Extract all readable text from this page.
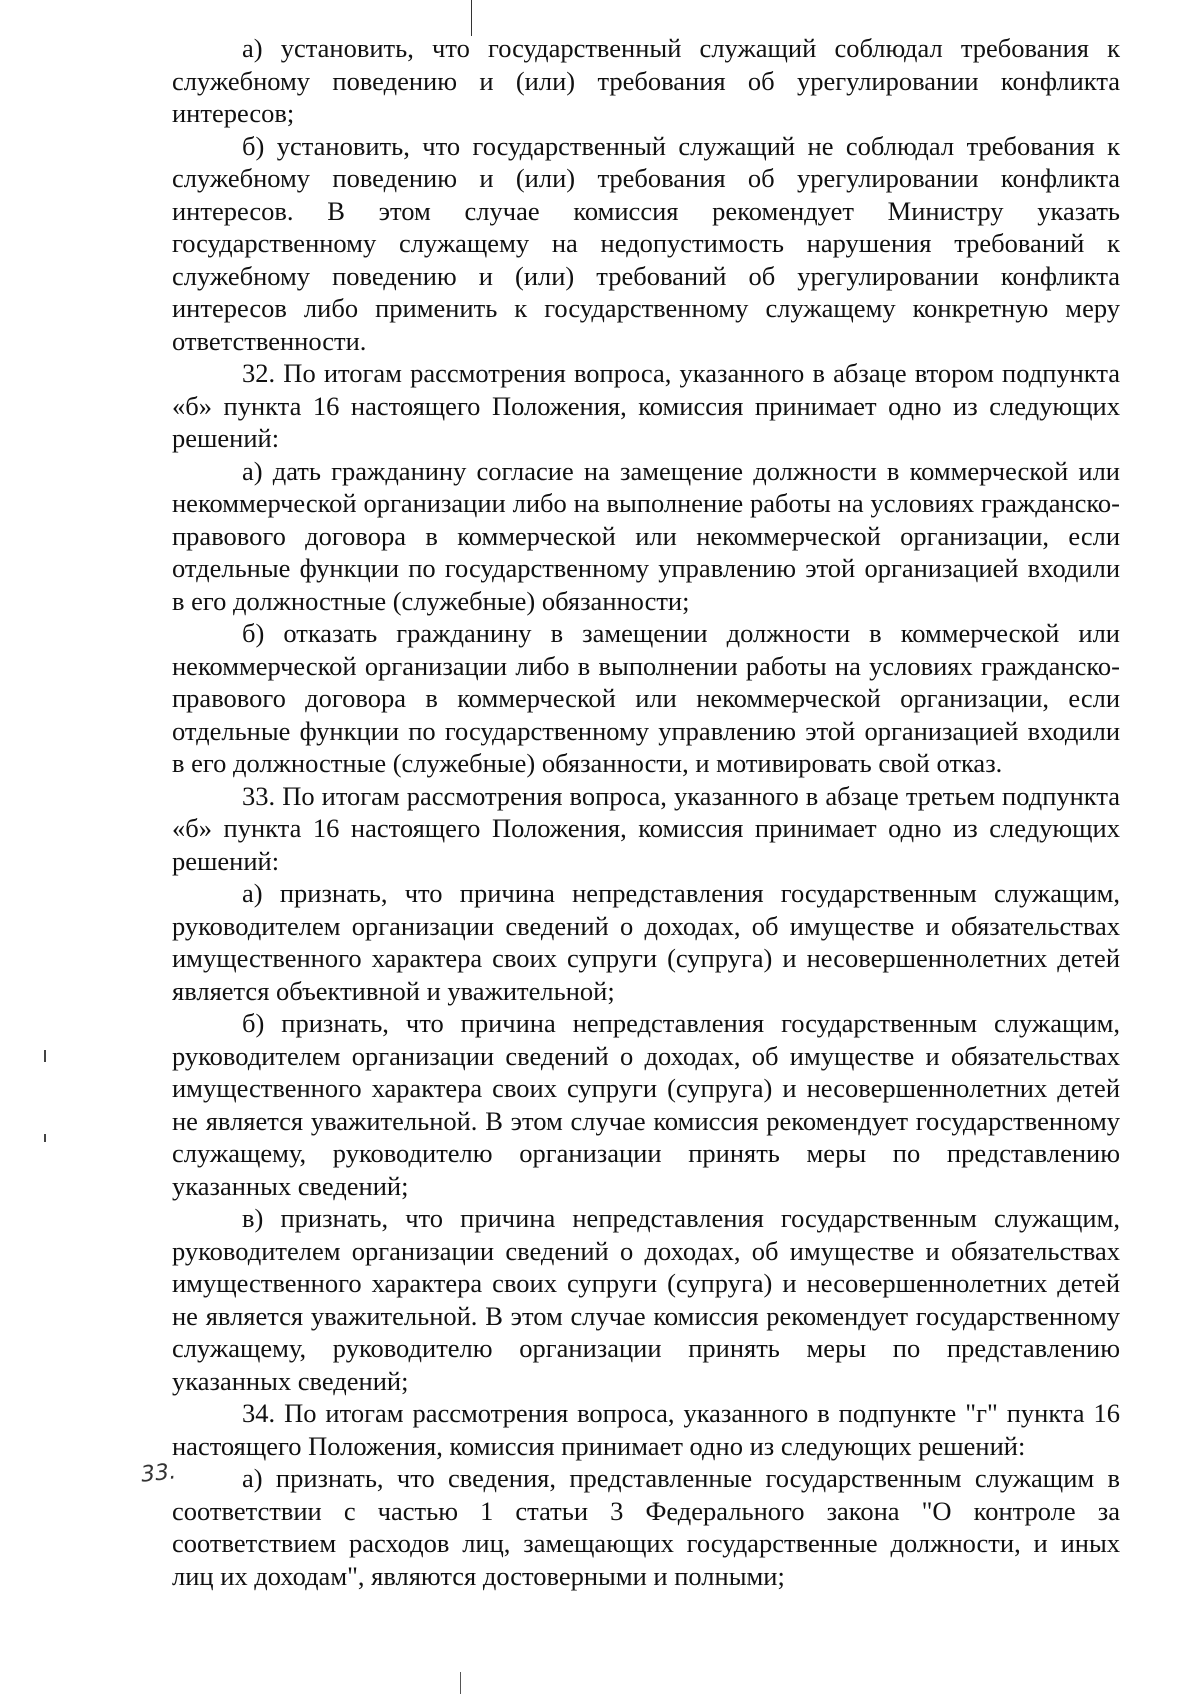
а) установить, что государственный служащий соблюдал требования к служебному поведению и (или) требования об урегулировании конфликта интересов;

б) установить, что государственный служащий не соблюдал требования к служебному поведению и (или) требования об урегулировании конфликта интересов. В этом случае комиссия рекомендует Министру указать государственному служащему на недопустимость нарушения требований к служебному поведению и (или) требований об урегулировании конфликта интересов либо применить к государственному служащему конкретную меру ответственности.

32. По итогам рассмотрения вопроса, указанного в абзаце втором подпункта «б» пункта 16 настоящего Положения, комиссия принимает одно из следующих решений:

а) дать гражданину согласие на замещение должности в коммерческой или некоммерческой организации либо на выполнение работы на условиях гражданско-правового договора в коммерческой или некоммерческой организации, если отдельные функции по государственному управлению этой организацией входили в его должностные (служебные) обязанности;

б) отказать гражданину в замещении должности в коммерческой или некоммерческой организации либо в выполнении работы на условиях гражданско-правового договора в коммерческой или некоммерческой организации, если отдельные функции по государственному управлению этой организацией входили в его должностные (служебные) обязанности, и мотивировать свой отказ.

33. По итогам рассмотрения вопроса, указанного в абзаце третьем подпункта «б» пункта 16 настоящего Положения, комиссия принимает одно из следующих решений:

а) признать, что причина непредставления государственным служащим, руководителем организации сведений о доходах, об имуществе и обязательствах имущественного характера своих супруги (супруга) и несовершеннолетних детей является объективной и уважительной;

б) признать, что причина непредставления государственным служащим, руководителем организации сведений о доходах, об имуществе и обязательствах имущественного характера своих супруги (супруга) и несовершеннолетних детей не является уважительной. В этом случае комиссия рекомендует государственному служащему, руководителю организации принять меры по представлению указанных сведений;

в) признать, что причина непредставления государственным служащим, руководителем организации сведений о доходах, об имуществе и обязательствах имущественного характера своих супруги (супруга) и несовершеннолетних детей не является уважительной. В этом случае комиссия рекомендует государственному служащему, руководителю организации принять меры по представлению указанных сведений;

34. По итогам рассмотрения вопроса, указанного в подпункте "г" пункта 16 настоящего Положения, комиссия принимает одно из следующих решений:

а) признать, что сведения, представленные государственным служащим в соответствии с частью 1 статьи 3 Федерального закона "О контроле за соответствием расходов лиц, замещающих государственные должности, и иных лиц их доходам", являются достоверными и полными;

33.
